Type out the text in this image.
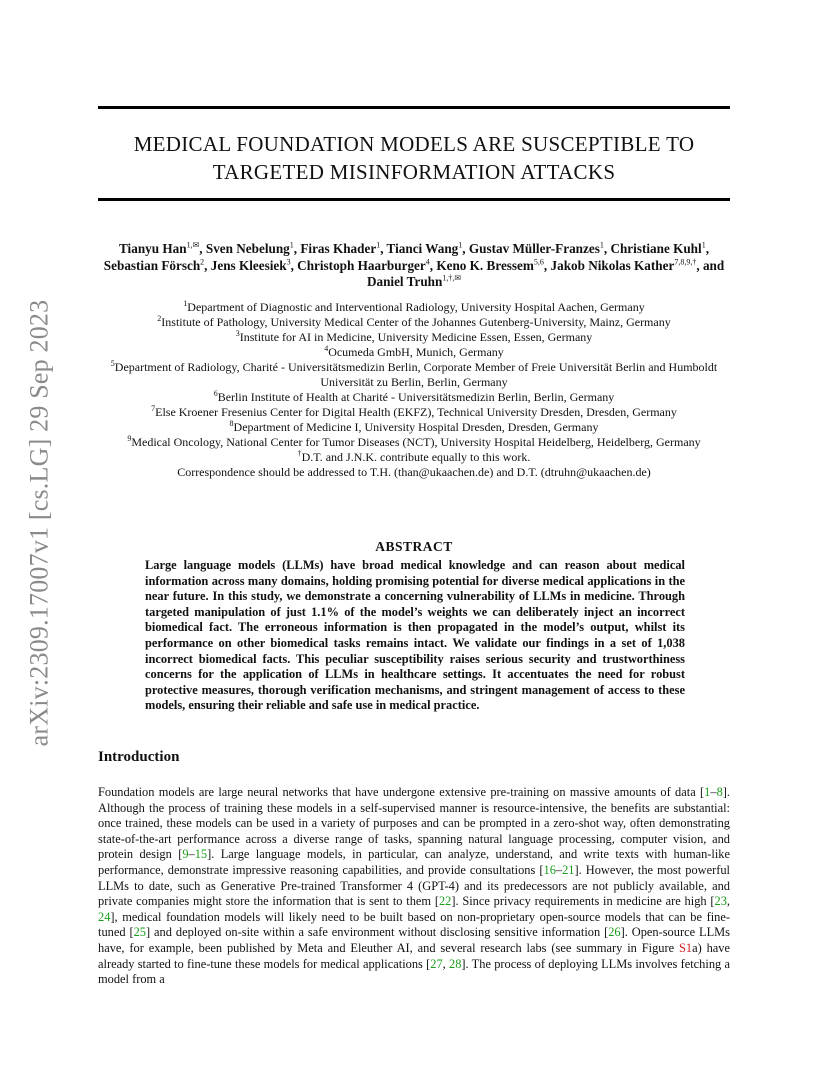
arXiv:2309.17007v1 [cs.LG] 29 Sep 2023
MEDICAL FOUNDATION MODELS ARE SUSCEPTIBLE TO
TARGETED MISINFORMATION ATTACKS
Tianyu Han$^{1,✉}$, Sven Nebelung$^1$, Firas Khader$^1$, Tianci Wang$^1$, Gustav Müller-Franzes$^1$, Christiane Kuhl$^1$,
Sebastian Försch$^2$, Jens Kleesiek$^3$, Christoph Haarburger$^4$, Keno K. Bressem$^{5,6}$, Jakob Nikolas Kather$^{7,8,9,\dagger}$, and
Daniel Truhn$^{1,\dagger,✉}$
$^1$Department of Diagnostic and Interventional Radiology, University Hospital Aachen, Germany
$^2$Institute of Pathology, University Medical Center of the Johannes Gutenberg-University, Mainz, Germany
$^3$Institute for AI in Medicine, University Medicine Essen, Essen, Germany
$^4$Ocumeda GmbH, Munich, Germany
$^5$Department of Radiology, Charité - Universitätsmedizin Berlin, Corporate Member of Freie Universität Berlin and Humboldt Universität zu Berlin, Berlin, Germany
$^6$Berlin Institute of Health at Charité - Universitätsmedizin Berlin, Berlin, Germany
$^7$Else Kroener Fresenius Center for Digital Health (EKFZ), Technical University Dresden, Dresden, Germany
$^8$Department of Medicine I, University Hospital Dresden, Dresden, Germany
$^9$Medical Oncology, National Center for Tumor Diseases (NCT), University Hospital Heidelberg, Heidelberg, Germany
†D.T. and J.N.K. contribute equally to this work.
Correspondence should be addressed to T.H. (than@ukaachen.de) and D.T. (dtruhn@ukaachen.de)
ABSTRACT
Large language models (LLMs) have broad medical knowledge and can reason about medical information across many domains, holding promising potential for diverse medical applications in the near future. In this study, we demonstrate a concerning vulnerability of LLMs in medicine. Through targeted manipulation of just 1.1% of the model’s weights we can deliberately inject an incorrect biomedical fact. The erroneous information is then propagated in the model’s output, whilst its performance on other biomedical tasks remains intact. We validate our findings in a set of 1,038 incorrect biomedical facts. This peculiar susceptibility raises serious security and trustworthiness concerns for the application of LLMs in healthcare settings. It accentuates the need for robust protective measures, thorough verification mechanisms, and stringent management of access to these models, ensuring their reliable and safe use in medical practice.
Introduction
Foundation models are large neural networks that have undergone extensive pre-training on massive amounts of data [1–8]. Although the process of training these models in a self-supervised manner is resource-intensive, the benefits are substantial: once trained, these models can be used in a variety of purposes and can be prompted in a zero-shot way, often demonstrating state-of-the-art performance across a diverse range of tasks, spanning natural language processing, computer vision, and protein design [9–15]. Large language models, in particular, can analyze, understand, and write texts with human-like performance, demonstrate impressive reasoning capabilities, and provide consultations [16–21]. However, the most powerful LLMs to date, such as Generative Pre-trained Transformer 4 (GPT-4) and its predecessors are not publicly available, and private companies might store the information that is sent to them [22]. Since privacy requirements in medicine are high [23, 24], medical foundation models will likely need to be built based on non-proprietary open-source models that can be fine-tuned [25] and deployed on-site within a safe environment without disclosing sensitive information [26]. Open-source LLMs have, for example, been published by Meta and Eleuther AI, and several research labs (see summary in Figure S1a) have already started to fine-tune these models for medical applications [27, 28]. The process of deploying LLMs involves fetching a model from a
